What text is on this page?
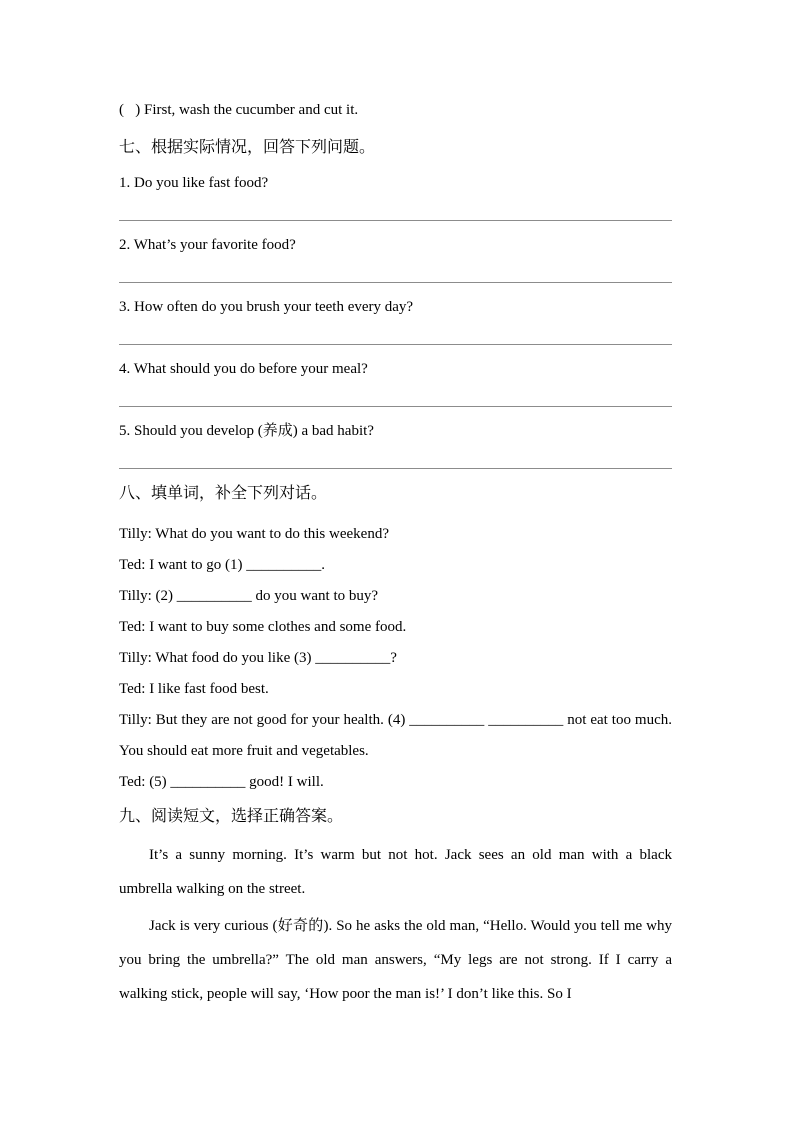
(   ) First, wash the cucumber and cut it.

七、根据实际情况，回答下列问题。

1. Do you like fast food?

2. What’s your favorite food?

3. How often do you brush your teeth every day?

4. What should you do before your meal?

5. Should you develop (养成) a bad habit?

八、填单词，补全下列对话。

Tilly: What do you want to do this weekend?

Ted: I want to go (1) __________.

Tilly: (2) __________ do you want to buy?

Ted: I want to buy some clothes and some food.

Tilly: What food do you like (3) __________?

Ted: I like fast food best.

Tilly: But they are not good for your health. (4) __________ __________ not eat too much. You should eat more fruit and vegetables.

Ted: (5) __________ good! I will.

九、阅读短文，选择正确答案。

It’s a sunny morning. It’s warm but not hot. Jack sees an old man with a black umbrella walking on the street.

Jack is very curious (好奇的). So he asks the old man, “Hello. Would you tell me why you bring the umbrella?” The old man answers, “My legs are not strong. If I carry a walking stick, people will say, ‘How poor the man is!’ I don’t like this. So I
